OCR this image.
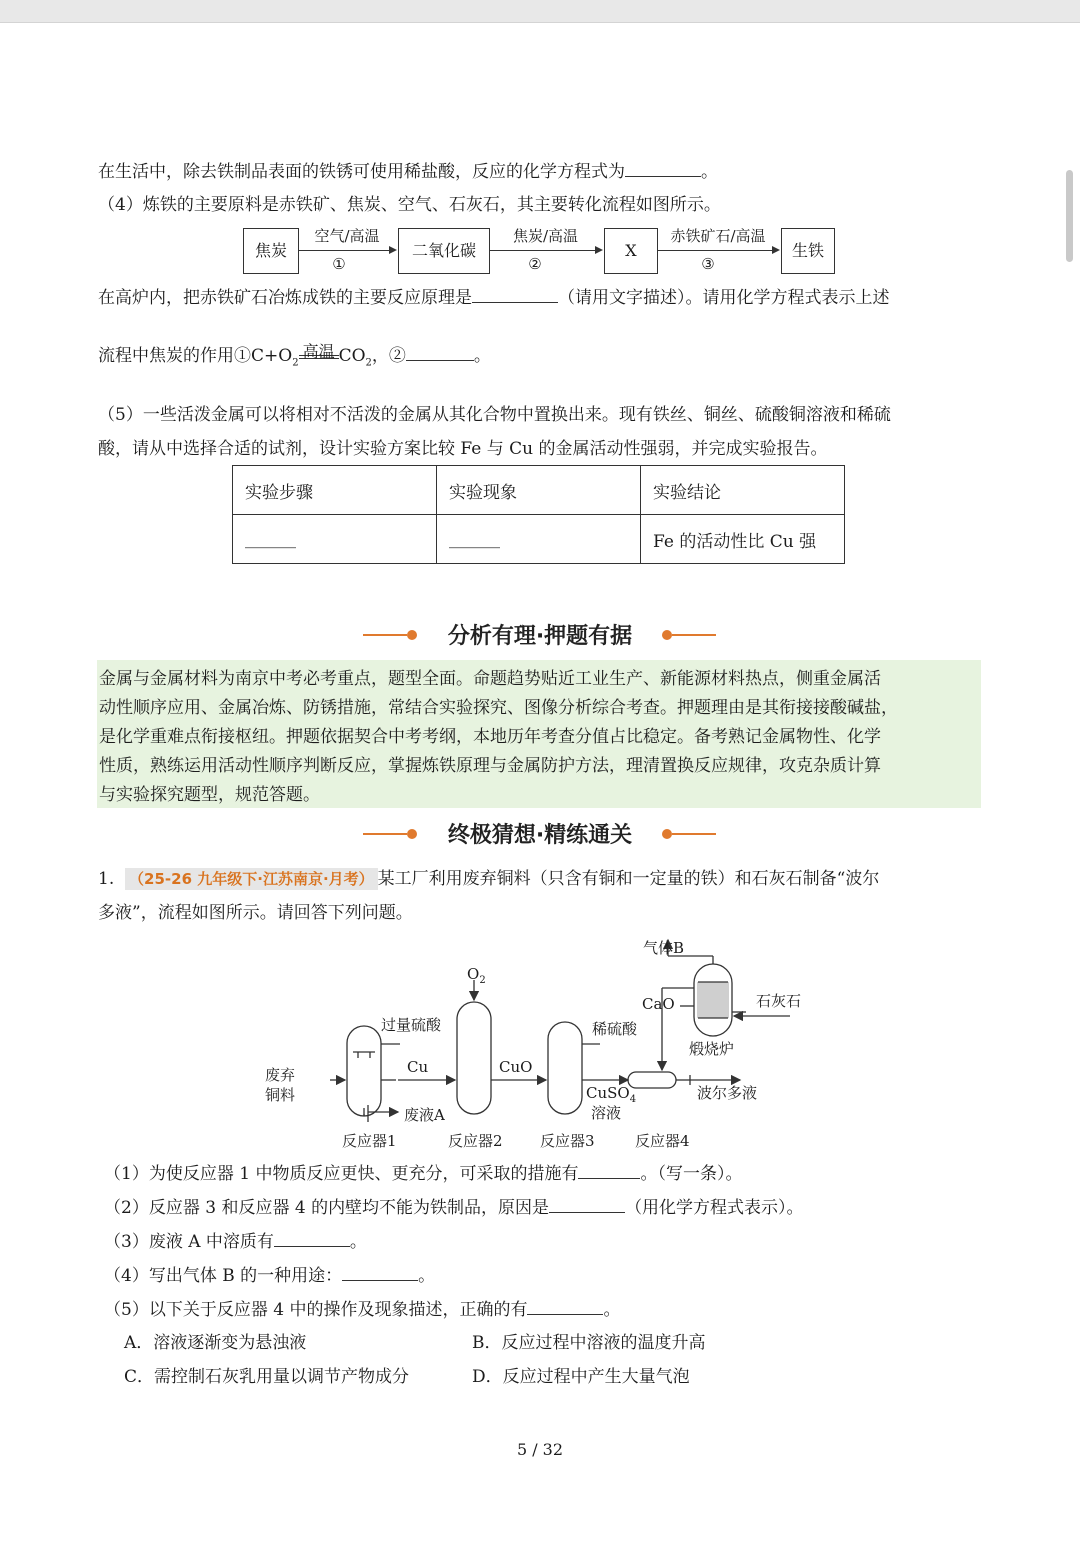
在生活中，除去铁制品表面的铁锈可使用稀盐酸，反应的化学方程式为	。
（4）炼铁的主要原料是赤铁矿、焦炭、空气、石灰石，其主要转化流程如图所示。
焦炭	二氧化碳	X	生铁
空气/高温	焦炭/高温	赤铁矿石/高温
①	②	③
在高炉内，把赤铁矿石冶炼成铁的主要反应原理是	（请用文字描述）。请用化学方程式表示上述
流程中焦炭的作用$①C+O_2$
高温 $CO_2$，②	。
（5）一些活泼金属可以将相对不活泼的金属从其化合物中置换出来。现有铁丝、铜丝、硫酸铜溶液和稀硫
酸，请从中选择合适的试剂，设计实验方案比较 Fe 与 Cu 的金属活动性强弱，并完成实验报告。
实验步骤	实验现象	实验结论
______	______	Fe 的活动性比 Cu 强
分析有理·押题有据
金属与金属材料为南京中考必考重点，题型全面。命题趋势贴近工业生产、新能源材料热点，侧重金属活
动性顺序应用、金属冶炼、防锈措施，常结合实验探究、图像分析综合考查。押题理由是其衔接接酸碱盐，
是化学重难点衔接枢纽。押题依据契合中考考纲，本地历年考查分值占比稳定。备考熟记金属物性、化学
性质，熟练运用活动性顺序判断反应，掌握炼铁原理与金属防护方法，理清置换反应规律，攻克杂质计算
与实验探究题型，规范答题。
终极猜想·精练通关
1. （25-26 九年级下·江苏南京·月考） 某工厂利用废弃铜料（只含有铜和一定量的铁）和石灰石制备“波尔
多液”，流程如图所示。请回答下列问题。
气体B
$O_2$
石灰石
CaO
煅烧炉
过量硫酸	稀硫酸
废弃
铜料
Cu	CuO
CuSO$_4$
溶液
废液A
波尔多液
反应器1	反应器2 反应器3	反应器4
（1）为使反应器 1 中物质反应更快、更充分，可采取的措施有	。（写一条）。
（2）反应器 3 和反应器 4 的内壁均不能为铁制品，原因是	（用化学方程式表示）。
（3）废液 A 中溶质有	。
（4）写出气体 B 的一种用途：	。
（5）以下关于反应器 4 中的操作及现象描述，正确的有	。
A．溶液逐渐变为悬浊液	B．反应过程中溶液的温度升高
C．需控制石灰乳用量以调节产物成分	D．反应过程中产生大量气泡
5 / 32
